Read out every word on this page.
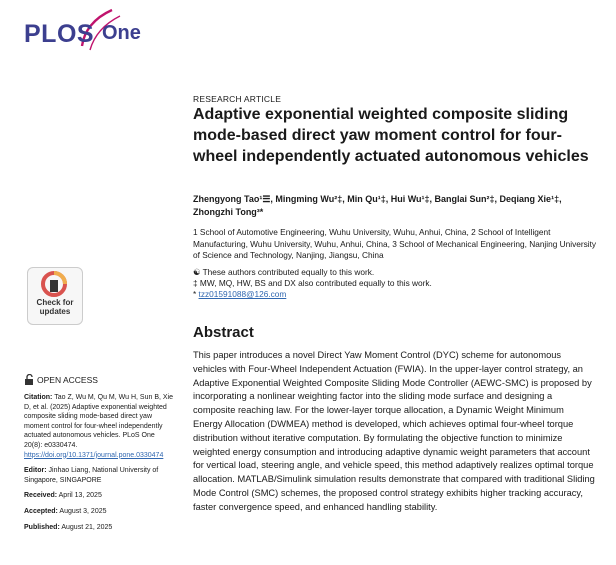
PLOS One
Check for updates
OPEN ACCESS
Citation: Tao Z, Wu M, Qu M, Wu H, Sun B, Xie D, et al. (2025) Adaptive exponential weighted composite sliding mode-based direct yaw moment control for four-wheel independently actuated autonomous vehicles. PLoS One 20(8): e0330474. https://doi.org/10.1371/journal.pone.0330474
Editor: Jinhao Liang, National University of Singapore, SINGAPORE
Received: April 13, 2025
Accepted: August 3, 2025
Published: August 21, 2025
RESEARCH ARTICLE
Adaptive exponential weighted composite sliding mode-based direct yaw moment control for four-wheel independently actuated autonomous vehicles
Zhengyong Tao¹☰, Mingming Wu²‡, Min Qu¹‡, Hui Wu¹‡, Banglai Sun²‡, Deqiang Xie¹‡, Zhongzhi Tong³*
1 School of Automotive Engineering, Wuhu University, Wuhu, Anhui, China, 2 School of Intelligent Manufacturing, Wuhu University, Wuhu, Anhui, China, 3 School of Mechanical Engineering, Nanjing University of Science and Technology, Nanjing, Jiangsu, China
☯ These authors contributed equally to this work.
‡ MW, MQ, HW, BS and DX also contributed equally to this work.
* tzz01591088@126.com
Abstract
This paper introduces a novel Direct Yaw Moment Control (DYC) scheme for autonomous vehicles with Four-Wheel Independent Actuation (FWIA). In the upper-layer control strategy, an Adaptive Exponential Weighted Composite Sliding Mode Controller (AEWC-SMC) is proposed by incorporating a nonlinear weighting factor into the sliding mode surface and designing a composite reaching law. For the lower-layer torque allocation, a Dynamic Weight Minimum Energy Allocation (DWMEA) method is developed, which achieves optimal four-wheel torque distribution without iterative computation. By formulating the objective function to minimize weighted energy consumption and introducing adaptive dynamic weight parameters that account for vertical load, steering angle, and vehicle speed, this method adaptively realizes optimal torque allocation. MATLAB/Simulink simulation results demonstrate that compared with traditional Sliding Mode Control (SMC) schemes, the proposed control strategy exhibits higher tracking accuracy, faster convergence speed, and enhanced handling stability.
